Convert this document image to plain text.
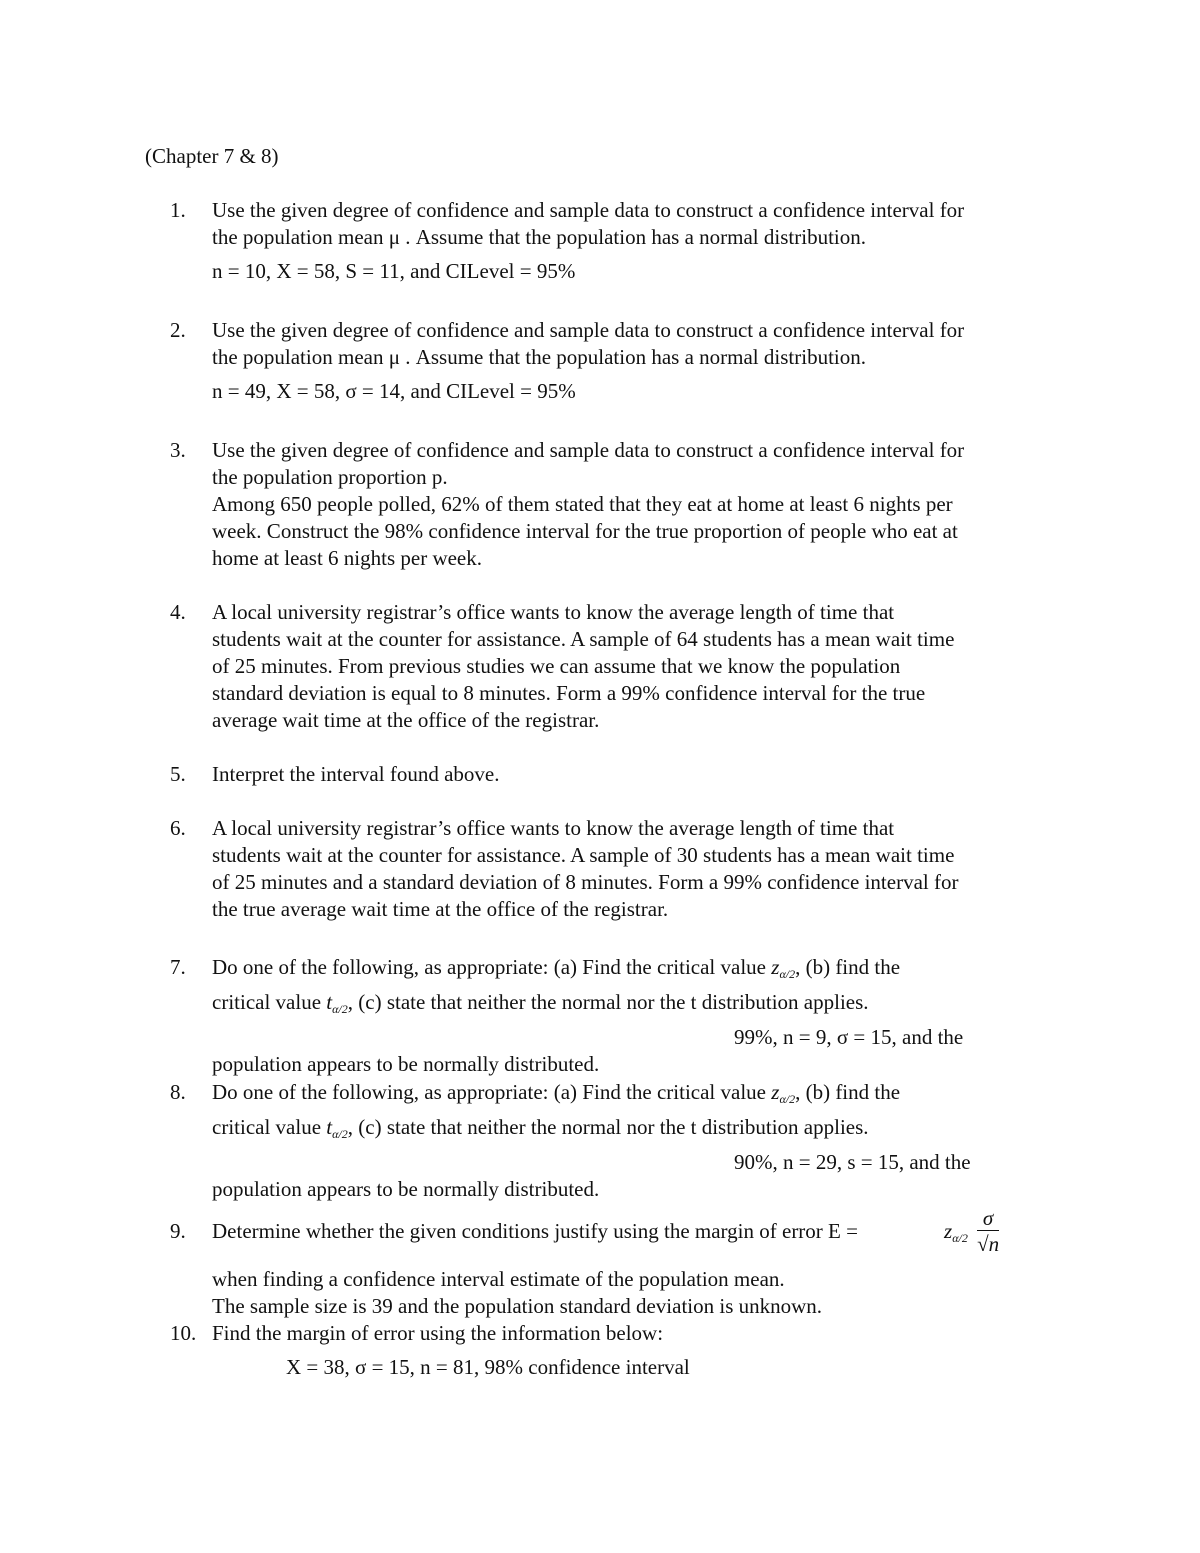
(Chapter 7 & 8)
1.	Use the given degree of confidence and sample data to construct a confidence interval for
the population mean μ . Assume that the population has a normal distribution.
n = 10, X = 58, S = 11, and CILevel = 95%
2.	Use the given degree of confidence and sample data to construct a confidence interval for
the population mean μ . Assume that the population has a normal distribution.
n = 49, X = 58, σ = 14, and CILevel = 95%
3.	Use the given degree of confidence and sample data to construct a confidence interval for
the population proportion p.
Among 650 people polled, 62% of them stated that they eat at home at least 6 nights per
week. Construct the 98% confidence interval for the true proportion of people who eat at
home at least 6 nights per week.
4.	A local university registrar’s office wants to know the average length of time that
students wait at the counter for assistance. A sample of 64 students has a mean wait time
of 25 minutes. From previous studies we can assume that we know the population
standard deviation is equal to 8 minutes. Form a 99% confidence interval for the true
average wait time at the office of the registrar.
5.	Interpret the interval found above.
6.	A local university registrar’s office wants to know the average length of time that
students wait at the counter for assistance. A sample of 30 students has a mean wait time
of 25 minutes and a standard deviation of 8 minutes. Form a 99% confidence interval for
the true average wait time at the office of the registrar.
7.	Do one of the following, as appropriate: (a) Find the critical value $z_{\alpha/2}$, (b) find the
critical value $t_{\alpha/2}$, (c) state that neither the normal nor the t distribution applies.
99%, n = 9, σ = 15, and the
population appears to be normally distributed.
8.	Do one of the following, as appropriate: (a) Find the critical value $z_{\alpha/2}$, (b) find the
critical value $t_{\alpha/2}$, (c) state that neither the normal nor the t distribution applies.
90%, n = 29, s = 15, and the
population appears to be normally distributed.
9.	Determine whether the given conditions justify using the margin of error E =	$z_{\alpha/2} \frac{\sigma}{√n}$
when finding a confidence interval estimate of the population mean.
The sample size is 39 and the population standard deviation is unknown.
10. Find the margin of error using the information below:
X = 38, σ = 15, n = 81, 98% confidence interval
